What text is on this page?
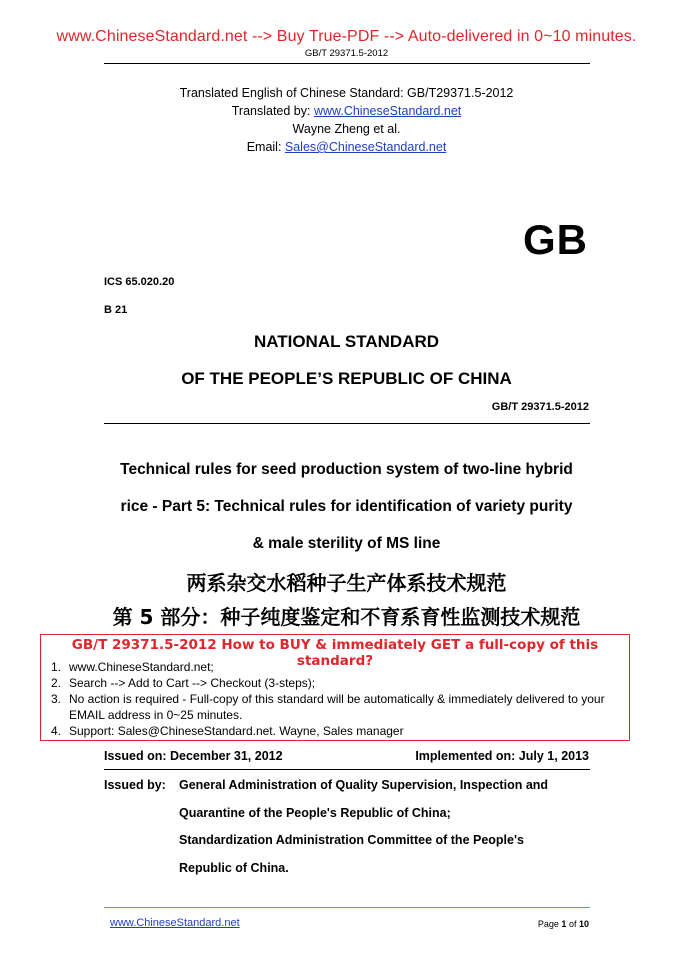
www.ChineseStandard.net --> Buy True-PDF --> Auto-delivered in 0~10 minutes.
GB/T 29371.5-2012
Translated English of Chinese Standard: GB/T29371.5-2012
Translated by: www.ChineseStandard.net
Wayne Zheng et al.
Email: Sales@ChineseStandard.net
GB
ICS 65.020.20
B 21
NATIONAL STANDARD
OF THE PEOPLE’S REPUBLIC OF CHINA
GB/T 29371.5-2012
Technical rules for seed production system of two-line hybrid
rice - Part 5: Technical rules for identification of variety purity
& male sterility of MS line
两系杂交水稻种子生产体系技术规范
第 5 部分：种子纯度鉴定和不育系育性监测技术规范
GB/T 29371.5-2012 How to BUY & immediately GET a full-copy of this standard?
1. www.ChineseStandard.net;
2. Search --> Add to Cart --> Checkout (3-steps);
3. No action is required - Full-copy of this standard will be automatically & immediately delivered to your EMAIL address in 0~25 minutes.
4. Support: Sales@ChineseStandard.net. Wayne, Sales manager
Issued on: December 31, 2012	Implemented on: July 1, 2013
Issued by: General Administration of Quality Supervision, Inspection and
Quarantine of the People's Republic of China;
Standardization Administration Committee of the People's
Republic of China.
www.ChineseStandard.net	Page 1 of 10
